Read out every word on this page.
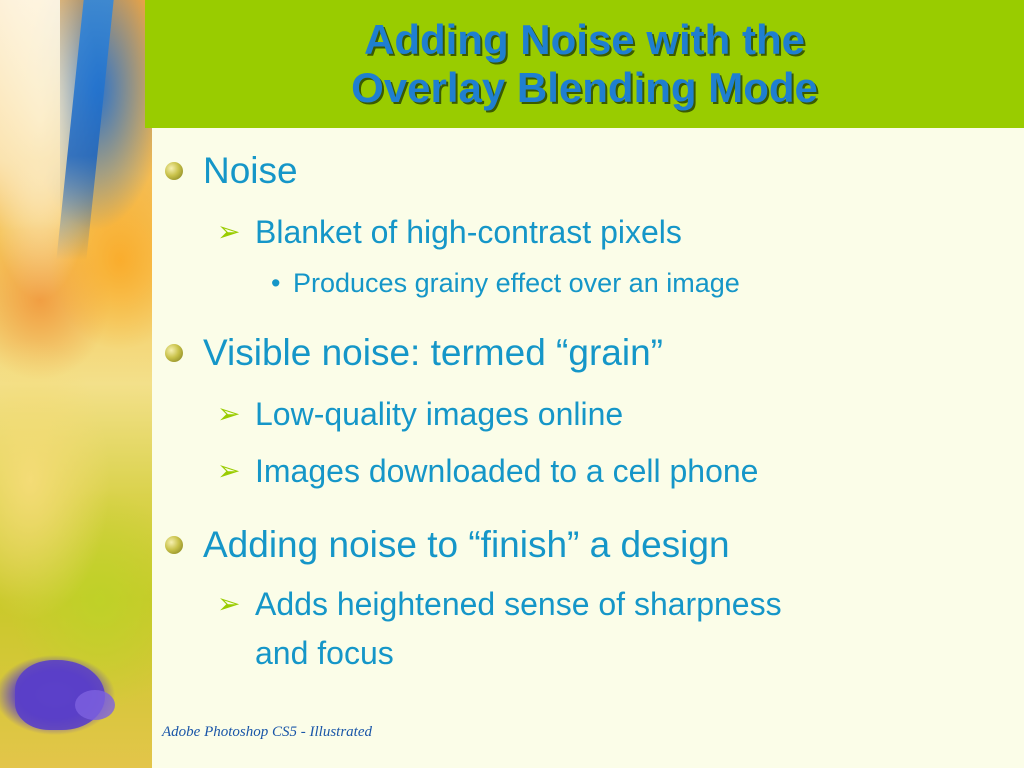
Adding Noise with the
Overlay Blending Mode
Noise
➢ Blanket of high-contrast pixels
• Produces grainy effect over an image
Visible noise: termed “grain”
➢ Low-quality images online
➢ Images downloaded to a cell phone
Adding noise to “finish” a design
➢ Adds heightened sense of sharpness
and focus
Adobe Photoshop CS5 - Illustrated
